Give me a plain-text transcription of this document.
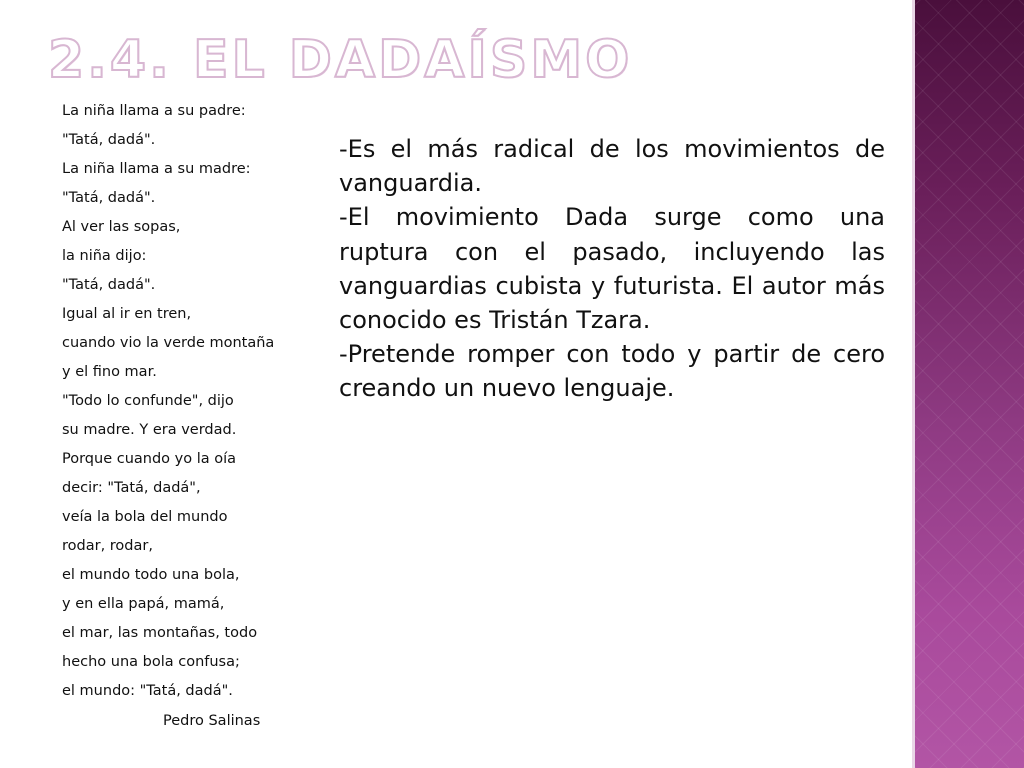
2.4. EL DADAÍSMO
La niña llama a su padre:
"Tatá, dadá".
La niña llama a su madre:
"Tatá, dadá".
Al ver las sopas,
la niña dijo:
"Tatá, dadá".
Igual al ir en tren,
cuando vio la verde montaña
y el fino mar.
"Todo lo confunde", dijo
su madre. Y era verdad.
Porque cuando yo la oía
decir: "Tatá, dadá",
veía la bola del mundo
rodar, rodar,
el mundo todo una bola,
y en ella papá, mamá,
el mar, las montañas, todo
hecho una bola confusa;
el mundo: "Tatá, dadá".
Pedro Salinas

-Es el más radical de los movimientos de vanguardia.

-El movimiento Dada surge como una ruptura con el pasado, incluyendo las vanguardias cubista y futurista. El autor más conocido es Tristán Tzara.

-Pretende romper con todo y partir de cero creando un nuevo lenguaje.
